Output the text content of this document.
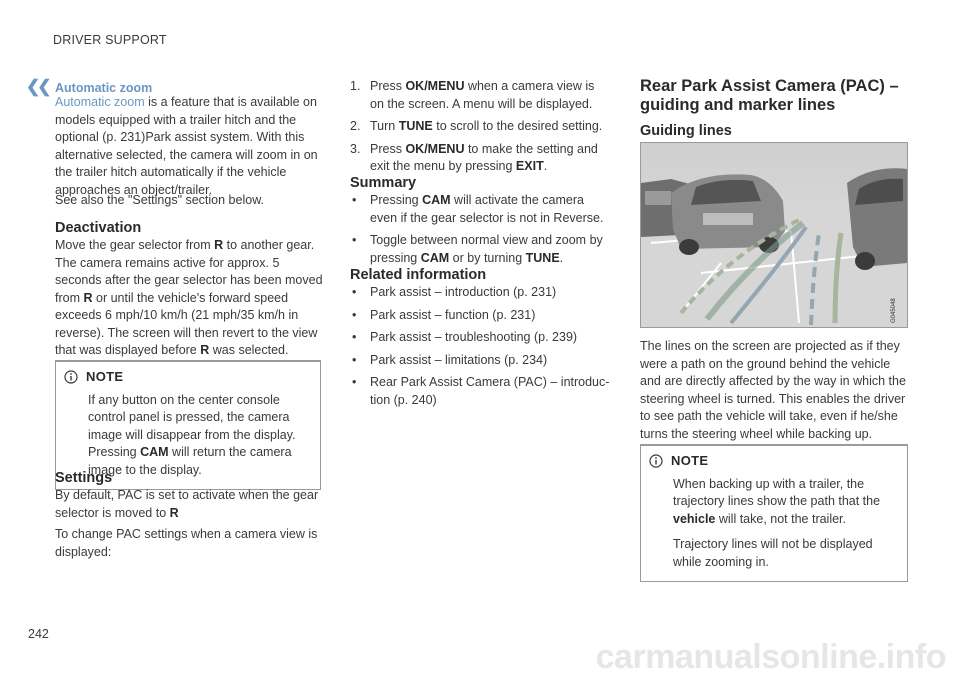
DRIVER SUPPORT
❮❮ Automatic zoom

Automatic zoom is a feature that is available on models equipped with a trailer hitch and the optional (p. 231)Park assist system. With this alternative selected, the camera will zoom in on the trailer hitch automatically if the vehicle approaches an object/trailer.

See also the "Settings" section below.

Deactivation

Move the gear selector from R to another gear. The camera remains active for approx. 5 seconds after the gear selector has been moved from R or until the vehicle's forward speed exceeds 6 mph/10 km/h (21 mph/35 km/h in reverse). The screen will then revert to the view that was displayed before R was selected.

NOTE

If any button on the center console control panel is pressed, the camera image will disappear from the display. Pressing CAM will return the camera image to the display.

Settings

By default, PAC is set to activate when the gear selector is moved to R

To change PAC settings when a camera view is displayed:

1. Press OK/MENU when a camera view is on the screen. A menu will be displayed.
2. Turn TUNE to scroll to the desired setting.
3. Press OK/MENU to make the setting and exit the menu by pressing EXIT.

Summary

• Pressing CAM will activate the camera even if the gear selector is not in Reverse.
• Toggle between normal view and zoom by pressing CAM or by turning TUNE.

Related information

• Park assist – introduction (p. 231)
• Park assist – function (p. 231)
• Park assist – troubleshooting (p. 239)
• Park assist – limitations (p. 234)
• Rear Park Assist Camera (PAC) – introduction (p. 240)

Rear Park Assist Camera (PAC) – guiding and marker lines

Guiding lines

G045048

The lines on the screen are projected as if they were a path on the ground behind the vehicle and are directly affected by the way in which the steering wheel is turned. This enables the driver to see path the vehicle will take, even if he/she turns the steering wheel while backing up.

NOTE

When backing up with a trailer, the trajectory lines show the path that the vehicle will take, not the trailer.

Trajectory lines will not be displayed while zooming in.

242
carmanualsonline.info
